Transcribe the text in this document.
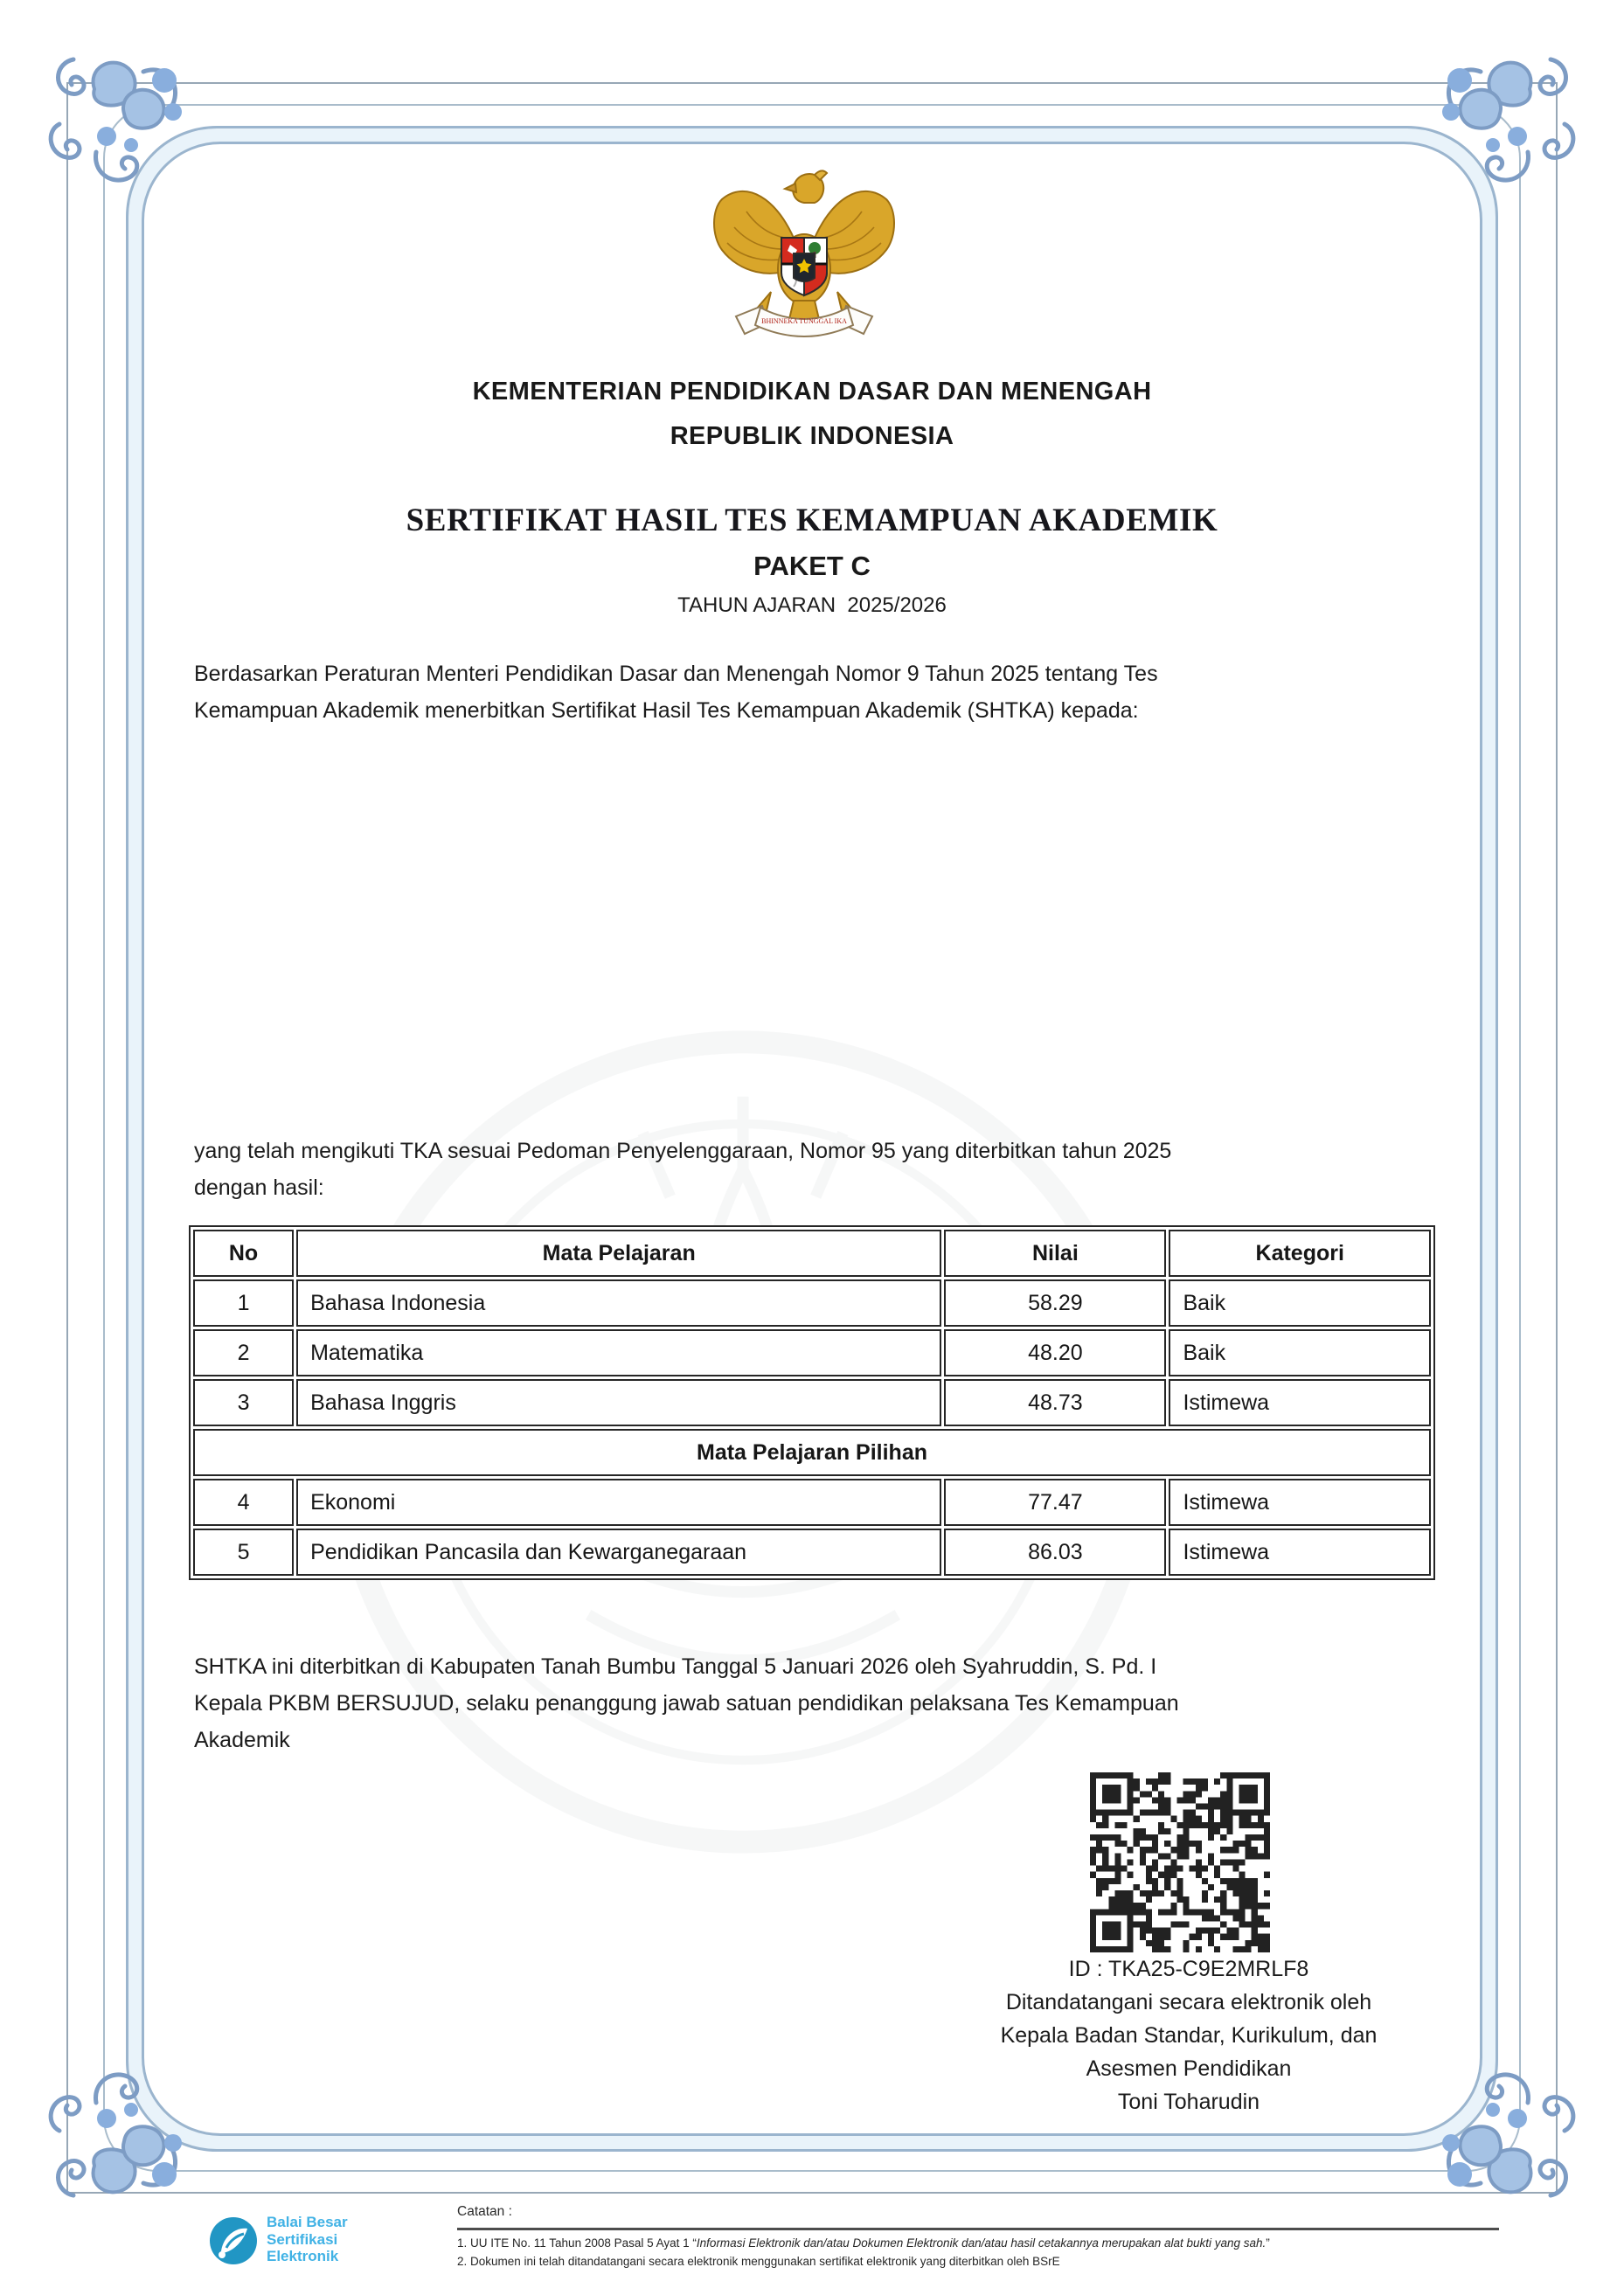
BHINNEKA TUNGGAL IKA
KEMENTERIAN PENDIDIKAN DASAR DAN MENENGAH
REPUBLIK INDONESIA
SERTIFIKAT HASIL TES KEMAMPUAN AKADEMIK
PAKET C
TAHUN AJARAN  2025/2026
Berdasarkan Peraturan Menteri Pendidikan Dasar dan Menengah Nomor 9 Tahun 2025 tentang Tes
Kemampuan Akademik menerbitkan Sertifikat Hasil Tes Kemampuan Akademik (SHTKA) kepada:
yang telah mengikuti TKA sesuai Pedoman Penyelenggaraan, Nomor 95 yang diterbitkan tahun 2025
dengan hasil:
No	Mata Pelajaran	Nilai	Kategori
1	Bahasa Indonesia	58.29	Baik
2	Matematika	48.20	Baik
3	Bahasa Inggris	48.73	Istimewa
Mata Pelajaran Pilihan			
4	Ekonomi	77.47	Istimewa
5	Pendidikan Pancasila dan Kewarganegaraan	86.03	Istimewa
SHTKA ini diterbitkan di Kabupaten Tanah Bumbu Tanggal 5 Januari 2026 oleh Syahruddin, S. Pd. I
Kepala PKBM BERSUJUD, selaku penanggung jawab satuan pendidikan pelaksana Tes Kemampuan
Akademik
ID : TKA25-C9E2MRLF8
Ditandatangani secara elektronik oleh
Kepala Badan Standar, Kurikulum, dan
Asesmen Pendidikan
Toni Toharudin
Balai Besar
Sertifikasi
Elektronik
Catatan :
1. UU ITE No. 11 Tahun 2008 Pasal 5 Ayat 1 “Informasi Elektronik dan/atau Dokumen Elektronik dan/atau hasil cetakannya merupakan alat bukti yang sah.”
2. Dokumen ini telah ditandatangani secara elektronik menggunakan sertifikat elektronik yang diterbitkan oleh BSrE
